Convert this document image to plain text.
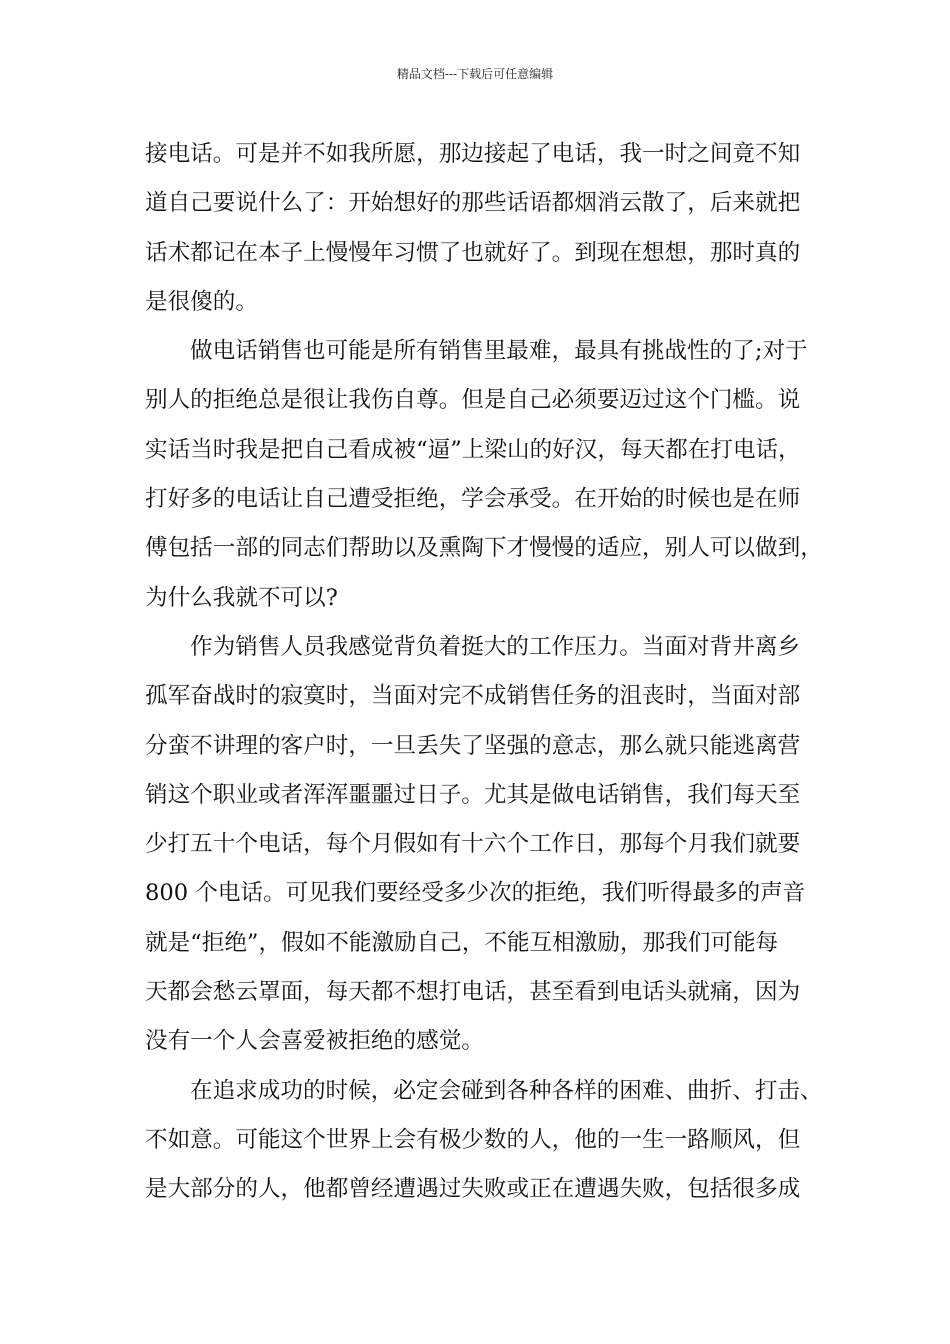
精品文档---下载后可任意编辑
接电话。可是并不如我所愿，那边接起了电话，我一时之间竟不知
道自己要说什么了：开始想好的那些话语都烟消云散了，后来就把
话术都记在本子上慢慢年习惯了也就好了。到现在想想，那时真的
是很傻的。
做电话销售也可能是所有销售里最难，最具有挑战性的了;对于
别人的拒绝总是很让我伤自尊。但是自己必须要迈过这个门槛。说
实话当时我是把自己看成被“逼”上梁山的好汉，每天都在打电话，
打好多的电话让自己遭受拒绝，学会承受。在开始的时候也是在师
傅包括一部的同志们帮助以及熏陶下才慢慢的适应，别人可以做到，
为什么我就不可以?
作为销售人员我感觉背负着挺大的工作压力。当面对背井离乡
孤军奋战时的寂寞时，当面对完不成销售任务的沮丧时，当面对部
分蛮不讲理的客户时，一旦丢失了坚强的意志，那么就只能逃离营
销这个职业或者浑浑噩噩过日子。尤其是做电话销售，我们每天至
少打五十个电话，每个月假如有十六个工作日，那每个月我们就要
800 个电话。可见我们要经受多少次的拒绝，我们听得最多的声音
就是“拒绝”，假如不能激励自己，不能互相激励，那我们可能每
天都会愁云罩面，每天都不想打电话，甚至看到电话头就痛，因为
没有一个人会喜爱被拒绝的感觉。
在追求成功的时候，必定会碰到各种各样的困难、曲折、打击、
不如意。可能这个世界上会有极少数的人，他的一生一路顺风，但
是大部分的人，他都曾经遭遇过失败或正在遭遇失败，包括很多成
